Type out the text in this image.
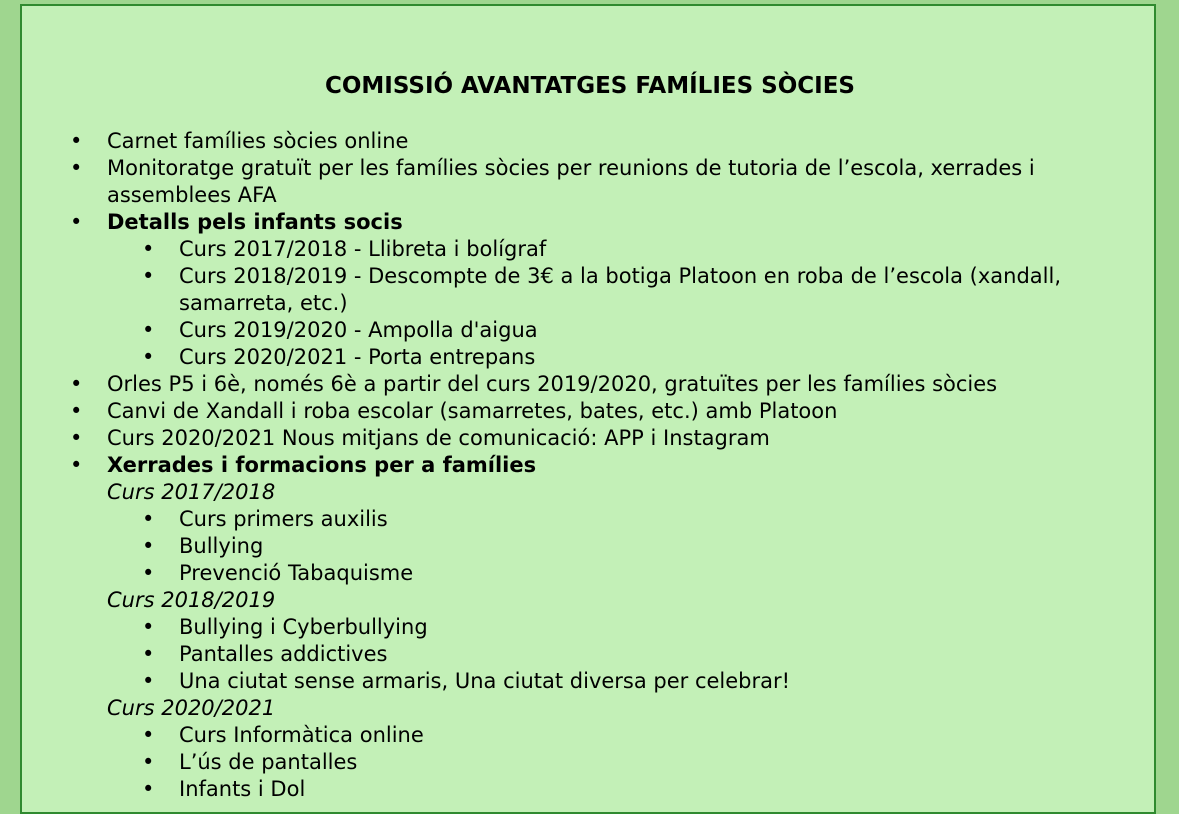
COMISSIÓ AVANTATGES FAMÍLIES SÒCIES
• Carnet famílies sòcies online
• Monitoratge gratuït per les famílies sòcies per reunions de tutoria de l’escola, xerrades i
assemblees AFA
• Detalls pels infants socis
• Curs 2017/2018 - Llibreta i bolígraf
• Curs 2018/2019 - Descompte de 3€ a la botiga Platoon en roba de l’escola (xandall,
samarreta, etc.)
• Curs 2019/2020 - Ampolla d'aigua
• Curs 2020/2021 - Porta entrepans
• Orles P5 i 6è, només 6è a partir del curs 2019/2020, gratuïtes per les famílies sòcies
• Canvi de Xandall i roba escolar (samarretes, bates, etc.) amb Platoon
• Curs 2020/2021 Nous mitjans de comunicació: APP i Instagram
• Xerrades i formacions per a famílies
Curs 2017/2018
• Curs primers auxilis
• Bullying
• Prevenció Tabaquisme
Curs 2018/2019
• Bullying i Cyberbullying
• Pantalles addictives
• Una ciutat sense armaris, Una ciutat diversa per celebrar!
Curs 2020/2021
• Curs Informàtica online
• L’ús de pantalles
• Infants i Dol
